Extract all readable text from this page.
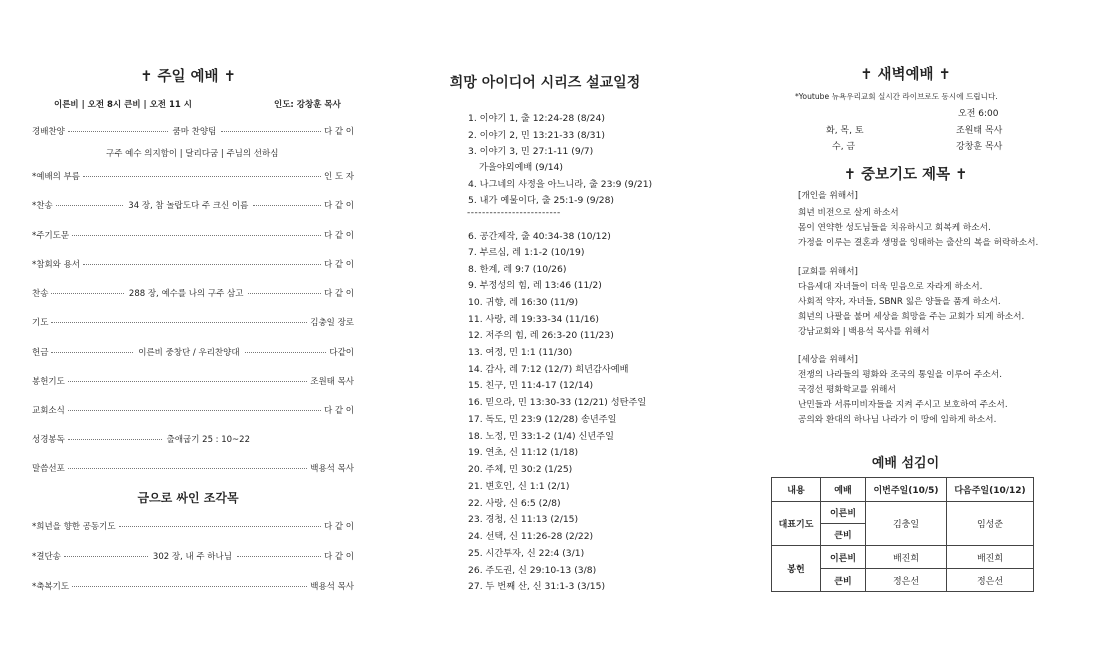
✝ 주일 예배 ✝
이른비 | 오전 8시 큰비 | 오전 11 시	인도: 강창훈 목사
경배찬양	쿰마 찬양팀	다 같 이
구주 예수 의지함이 | 달리다굼 | 주님의 선하심
*예배의 부름	인 도 자
*찬송	34 장, 참 놀랍도다 주 크신 이름	다 같 이
*주기도문	다 같 이
*참회와 용서	다 같 이
찬송	288 장, 예수를 나의 구주 삼고	다 같 이
기도	김충일 장로
헌금	이른비 중창단 / 우리찬양대	다같이
봉헌기도	조원태 목사
교회소식	다 같 이
성경봉독	출애굽기 25 : 10~22
말씀선포	백용석 목사
금으로 싸인 조각목
*희년을 향한 공동기도	다 같 이
*결단송	302 장, 내 주 하나님	다 같 이
*축복기도	백용석 목사
희망 아이디어 시리즈 설교일정
1. 이야기 1, 출 12:24-28 (8/24)
2. 이야기 2, 민 13:21-33 (8/31)
3. 이야기 3, 민 27:1-11 (9/7)
가을야외예배 (9/14)
4. 나그네의 사정을 아느니라, 출 23:9 (9/21)
5. 내가 예물이다, 출 25:1-9 (9/28)
-------------------------
6. 공간제작, 출 40:34-38 (10/12)
7. 부르심, 레 1:1-2 (10/19)
8. 한계, 레 9:7 (10/26)
9. 부정성의 힘, 레 13:46 (11/2)
10. 귀향, 레 16:30 (11/9)
11. 사랑, 레 19:33-34 (11/16)
12. 저주의 힘, 레 26:3-20 (11/23)
13. 여정, 민 1:1 (11/30)
14. 감사, 레 7:12 (12/7) 희년감사예배
15. 친구, 민 11:4-17 (12/14)
16. 믿으라, 민 13:30-33 (12/21) 성탄주일
17. 독도, 민 23:9 (12/28) 송년주일
18. 노정, 민 33:1-2 (1/4) 신년주일
19. 연초, 신 11:12 (1/18)
20. 주체, 민 30:2 (1/25)
21. 변호인, 신 1:1 (2/1)
22. 사랑, 신 6:5 (2/8)
23. 경청, 신 11:13 (2/15)
24. 선택, 신 11:26-28 (2/22)
25. 시간투자, 신 22:4 (3/1)
26. 주도권, 신 29:10-13 (3/8)
27. 두 번째 산, 신 31:1-3 (3/15)
✝ 새벽예배 ✝
*Youtube 뉴욕우리교회 실시간 라이브로도 동시에 드립니다.
오전 6:00
화, 목, 토	조원태 목사
수, 금	강창훈 목사
✝ 중보기도 제목 ✝
[개인을 위해서]
희년 비전으로 살게 하소서
몸이 연약한 성도님들을 치유하시고 회복케 하소서.
가정을 이루는 결혼과 생명을 잉태하는 출산의 복을 허락하소서.
[교회를 위해서]
다음세대 자녀들이 더욱 믿음으로 자라게 하소서.
사회적 약자, 자녀들, SBNR 잃은 양들을 품게 하소서.
희년의 나팔을 불며 세상을 희망을 주는 교회가 되게 하소서.
강남교회와 | 백용석 목사를 위해서
[세상을 위해서]
전쟁의 나라들의 평화와 조국의 통일을 이루어 주소서.
국경선 평화학교를 위해서
난민들과 서류미비자들을 지켜 주시고 보호하여 주소서.
공의와 환대의 하나님 나라가 이 땅에 임하게 하소서.
예배 섬김이
내용	예배	이번주일(10/5)	다음주일(10/12)
대표기도	이른비	김충일	임성준
	큰비		
봉헌	이른비	배진희	배진희
	큰비	정은선	정은선
